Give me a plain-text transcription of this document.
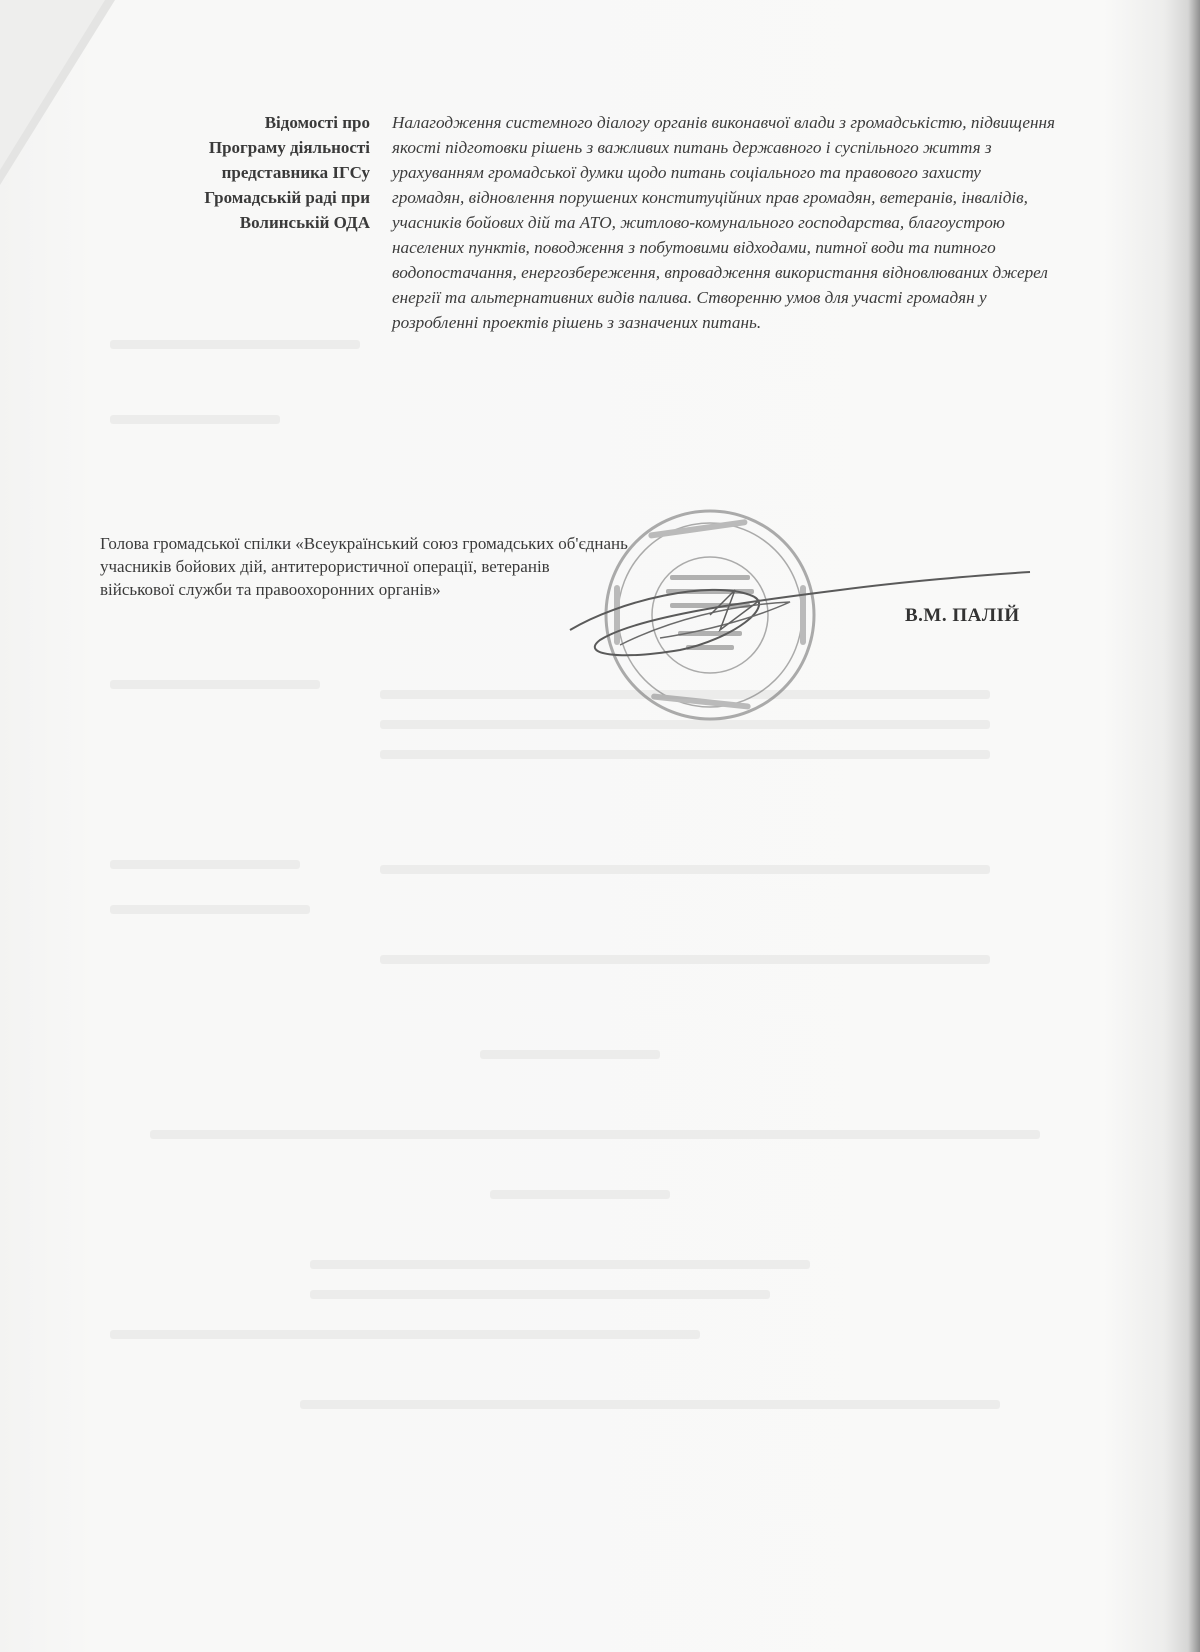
Відомості про
Програму діяльності
представника ІГСу
Громадській раді при
Волинській ОДА
	Налагодження системного діалогу органів виконавчої влади з громадськістю, підвищення якості підготовки рішень з важливих питань державного і суспільного життя з урахуванням громадської думки щодо питань соціального та правового захисту громадян, відновлення порушених конституційних прав громадян, ветеранів, інвалідів, учасників бойових дій та АТО, житлово-комунального господарства, благоустрою населених пунктів, поводження з побутовими відходами, питної води та питного водопостачання, енергозбереження, впровадження використання відновлюваних джерел енергії та альтернативних видів палива. Створенню умов для участі громадян у розробленні проектів рішень з зазначених питань.
Голова громадської спілки «Всеукраїнський союз громадських об'єднань
учасників бойових дій, антитерористичної операції, ветеранів
військової служби та правоохоронних органів»
В.М. ПАЛІЙ
